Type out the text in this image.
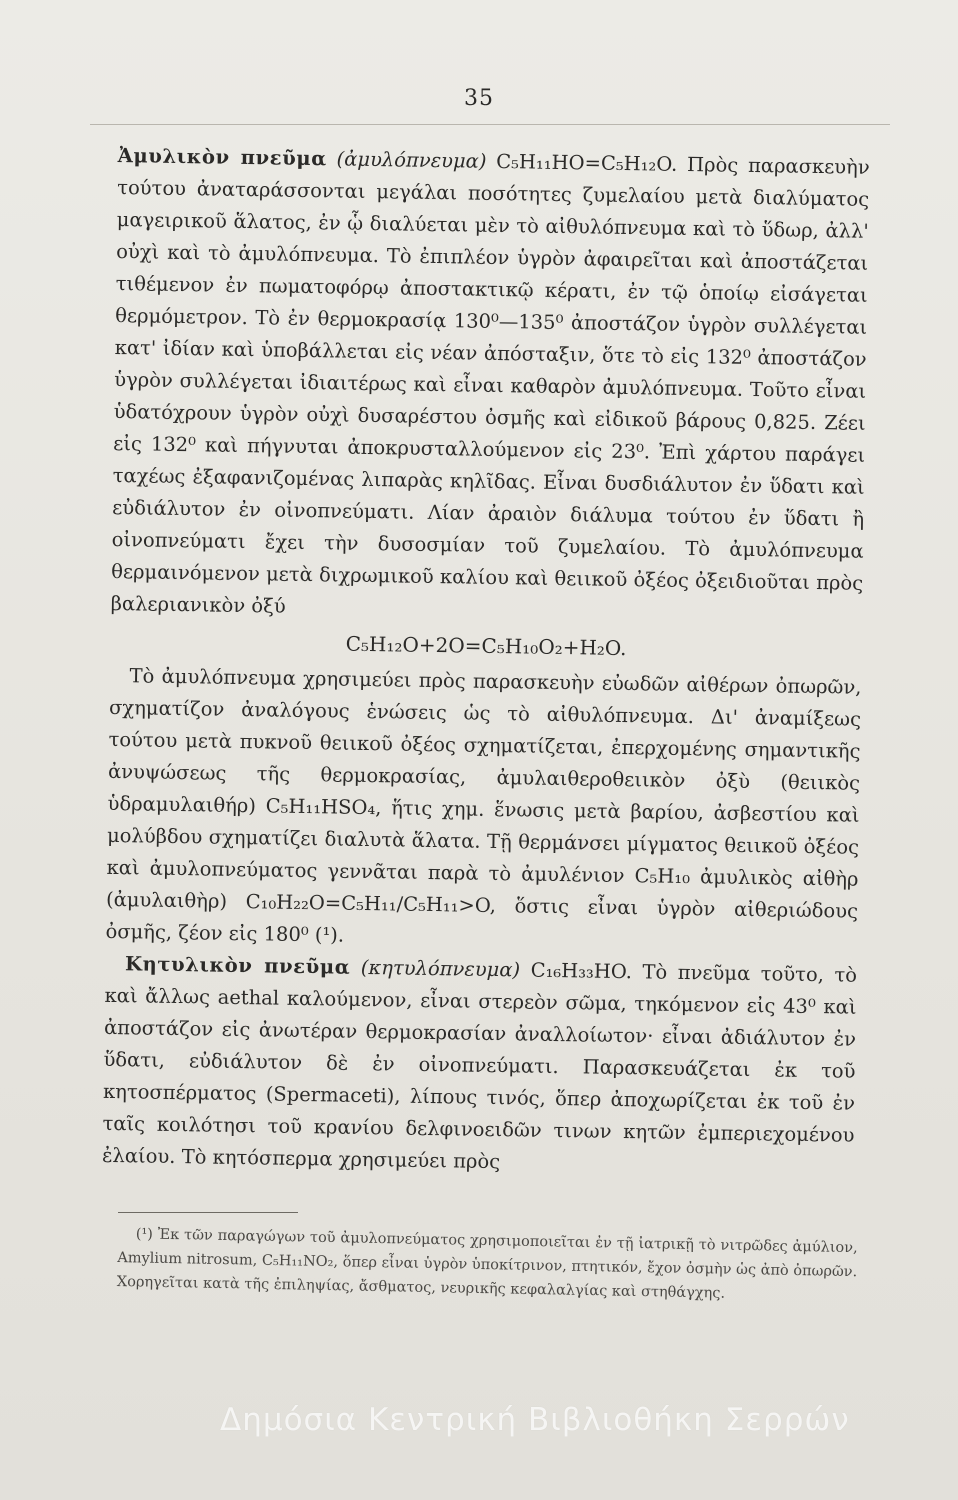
35

Ἀμυλικὸν πνεῦμα (ἀμυλόπνευμα) C₅H₁₁HO=C₅H₁₂O. Πρὸς παρασκευὴν τούτου ἀναταράσσονται μεγάλαι ποσότητες ζυμελαίου μετὰ διαλύματος μαγειρικοῦ ἅλατος, ἐν ᾧ διαλύεται μὲν τὸ αἰθυλόπνευμα καὶ τὸ ὕδωρ, ἀλλ' οὐχὶ καὶ τὸ ἀμυλόπνευμα. Τὸ ἐπιπλέον ὑγρὸν ἀφαιρεῖται καὶ ἀποστάζεται τιθέμενον ἐν πωματοφόρῳ ἀποστακτικῷ κέρατι, ἐν τῷ ὁποίῳ εἰσάγεται θερμόμετρον. Τὸ ἐν θερμοκρασίᾳ 130⁰—135⁰ ἀποστάζον ὑγρὸν συλλέγεται κατ' ἰδίαν καὶ ὑποβάλλεται εἰς νέαν ἀπόσταξιν, ὅτε τὸ εἰς 132⁰ ἀποστάζον ὑγρὸν συλλέγεται ἰδιαιτέρως καὶ εἶναι καθαρὸν ἀμυλόπνευμα. Τοῦτο εἶναι ὑδατόχρουν ὑγρὸν οὐχὶ δυσαρέστου ὀσμῆς καὶ εἰδικοῦ βάρους 0,825. Ζέει εἰς 132⁰ καὶ πήγνυται ἀποκρυσταλλούμενον εἰς 23⁰. Ἐπὶ χάρτου παράγει ταχέως ἐξαφανιζομένας λιπαρὰς κηλῖδας. Εἶναι δυσδιάλυτον ἐν ὕδατι καὶ εὐδιάλυτον ἐν οἰνοπνεύματι. Λίαν ἀραιὸν διάλυμα τούτου ἐν ὕδατι ἢ οἰνοπνεύματι ἔχει τὴν δυσοσμίαν τοῦ ζυμελαίου. Τὸ ἀμυλόπνευμα θερμαινόμενον μετὰ διχρωμικοῦ καλίου καὶ θειικοῦ ὀξέος ὀξειδιοῦται πρὸς βαλεριανικὸν ὀξύ

C₅H₁₂O+2O=C₅H₁₀O₂+H₂O.

Τὸ ἀμυλόπνευμα χρησιμεύει πρὸς παρασκευὴν εὐωδῶν αἰθέρων ὀπωρῶν, σχηματίζον ἀναλόγους ἑνώσεις ὡς τὸ αἰθυλόπνευμα. Δι' ἀναμίξεως τούτου μετὰ πυκνοῦ θειικοῦ ὀξέος σχηματίζεται, ἐπερχομένης σημαντικῆς ἀνυψώσεως τῆς θερμοκρασίας, ἀμυλαιθεροθειικὸν ὀξὺ (θειικὸς ὑδραμυλαιθήρ) C₅H₁₁HSO₄, ἥτις χημ. ἕνωσις μετὰ βαρίου, ἀσβεστίου καὶ μολύβδου σχηματίζει διαλυτὰ ἅλατα. Τῇ θερμάνσει μίγματος θειικοῦ ὀξέος καὶ ἀμυλοπνεύματος γεννᾶται παρὰ τὸ ἀμυλένιον C₅H₁₀ ἀμυλικὸς αἰθὴρ (ἀμυλαιθὴρ) C₁₀H₂₂O=C₅H₁₁/C₅H₁₁>O, ὅστις εἶναι ὑγρὸν αἰθεριώδους ὀσμῆς, ζέον εἰς 180⁰ (¹).

Κητυλικὸν πνεῦμα (κητυλόπνευμα) C₁₆H₃₃HO. Τὸ πνεῦμα τοῦτο, τὸ καὶ ἄλλως aethal καλούμενον, εἶναι στερεὸν σῶμα, τηκόμενον εἰς 43⁰ καὶ ἀποστάζον εἰς ἀνωτέραν θερμοκρασίαν ἀναλλοίωτον· εἶναι ἀδιάλυτον ἐν ὕδατι, εὐδιάλυτον δὲ ἐν οἰνοπνεύματι. Παρασκευάζεται ἐκ τοῦ κητοσπέρματος (Spermaceti), λίπους τινός, ὅπερ ἀποχωρίζεται ἐκ τοῦ ἐν ταῖς κοιλότησι τοῦ κρανίου δελφινοειδῶν τινων κητῶν ἐμπεριεχομένου ἐλαίου. Τὸ κητόσπερμα χρησιμεύει πρὸς

(¹) Ἐκ τῶν παραγώγων τοῦ ἀμυλοπνεύματος χρησιμοποιεῖται ἐν τῇ ἰατρικῇ τὸ νιτρῶδες ἀμύλιον, Amylium nitrosum, C₅H₁₁NO₂, ὅπερ εἶναι ὑγρὸν ὑποκίτρινον, πτητικόν, ἔχον ὀσμὴν ὡς ἀπὸ ὀπωρῶν. Χορηγεῖται κατὰ τῆς ἐπιληψίας, ἄσθματος, νευρικῆς κεφαλαλγίας καὶ στηθάγχης.

Δημόσια Κεντρική Βιβλιοθήκη Σερρών
